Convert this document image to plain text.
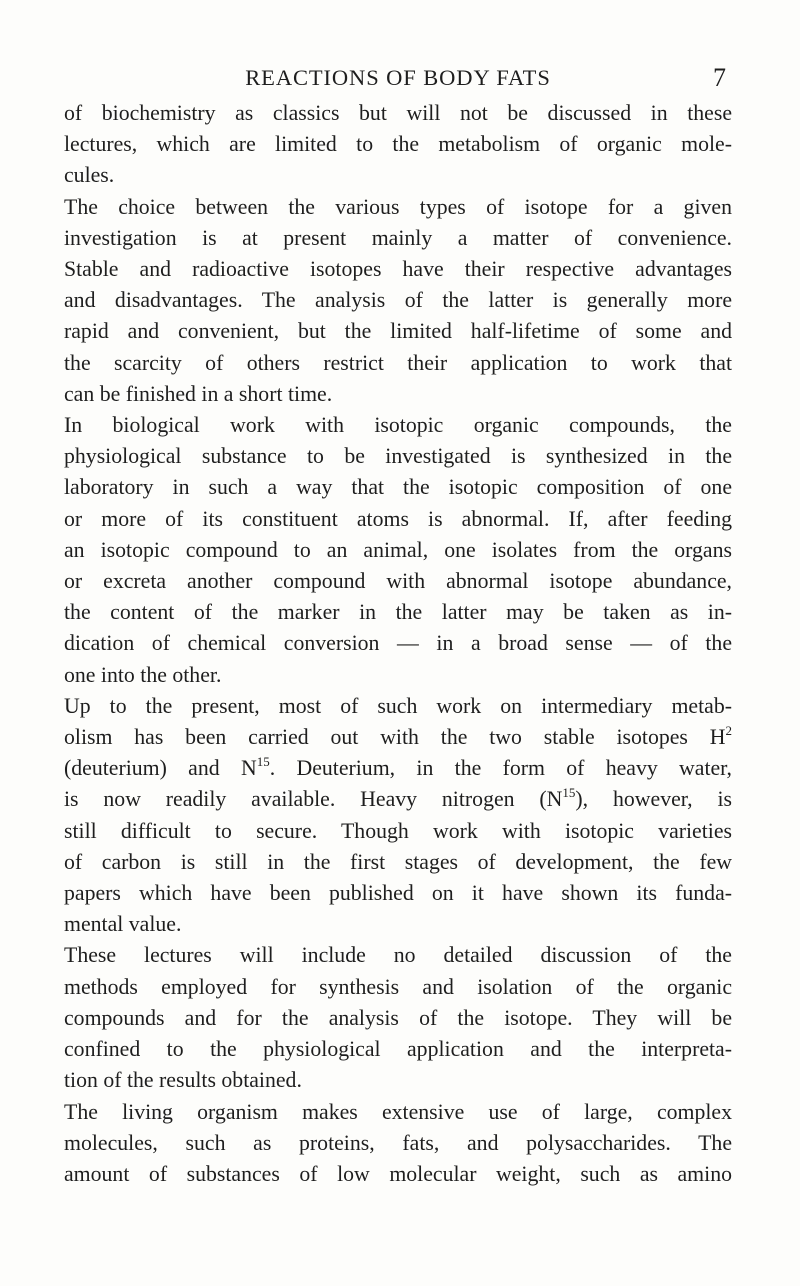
REACTIONS OF BODY FATS	7
of biochemistry as classics but will not be discussed in these
lectures, which are limited to the metabolism of organic mole-
cules.
The choice between the various types of isotope for a given
investigation is at present mainly a matter of convenience.
Stable and radioactive isotopes have their respective advantages
and disadvantages. The analysis of the latter is generally more
rapid and convenient, but the limited half-lifetime of some and
the scarcity of others restrict their application to work that
can be finished in a short time.
In biological work with isotopic organic compounds, the
physiological substance to be investigated is synthesized in the
laboratory in such a way that the isotopic composition of one
or more of its constituent atoms is abnormal. If, after feeding
an isotopic compound to an animal, one isolates from the organs
or excreta another compound with abnormal isotope abundance,
the content of the marker in the latter may be taken as in-
dication of chemical conversion — in a broad sense — of the
one into the other.
Up to the present, most of such work on intermediary metab-
olism has been carried out with the two stable isotopes $H^2$
(deuterium) and $N^{15}$. Deuterium, in the form of heavy water,
is now readily available. Heavy nitrogen $(N^{15})$, however, is
still difficult to secure. Though work with isotopic varieties
of carbon is still in the first stages of development, the few
papers which have been published on it have shown its funda-
mental value.
These lectures will include no detailed discussion of the
methods employed for synthesis and isolation of the organic
compounds and for the analysis of the isotope. They will be
confined to the physiological application and the interpreta-
tion of the results obtained.
The living organism makes extensive use of large, complex
molecules, such as proteins, fats, and polysaccharides. The
amount of substances of low molecular weight, such as amino
